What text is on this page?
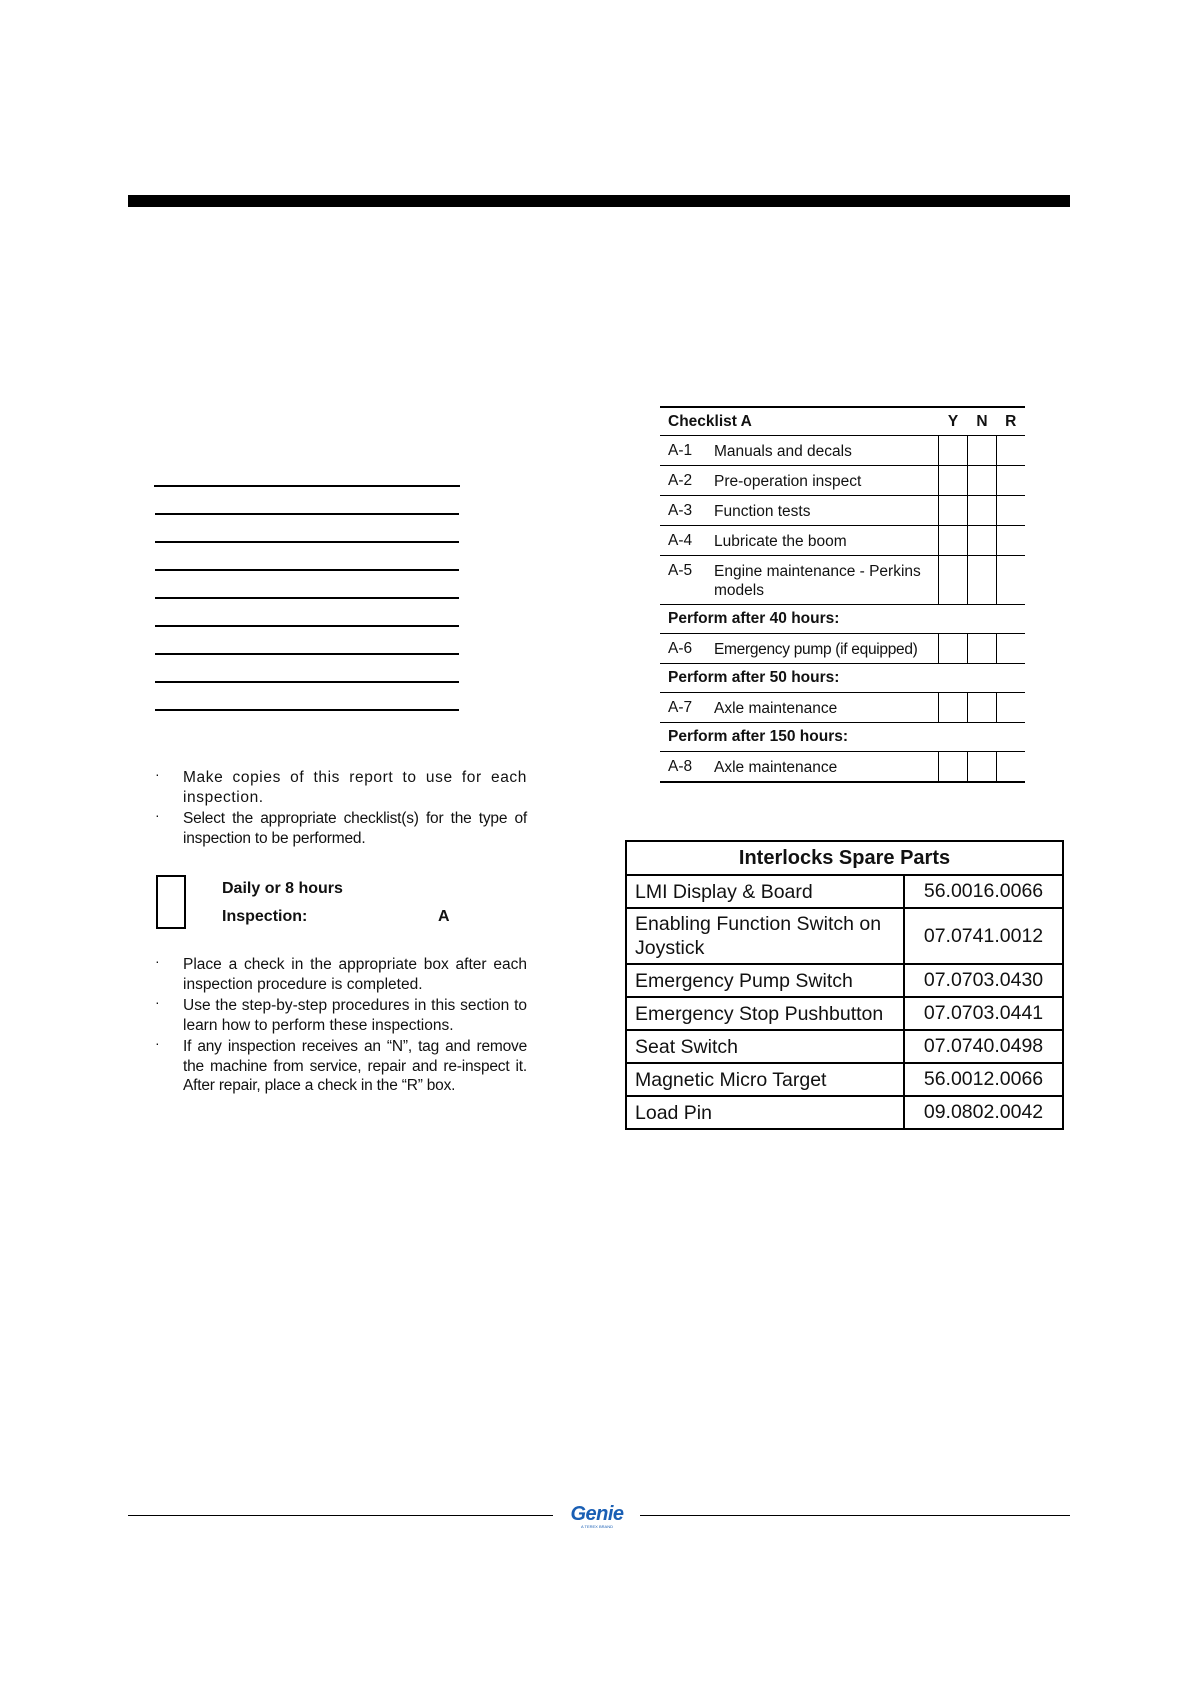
· Make copies of this report to use for each inspection.
· Select the appropriate checklist(s) for the type of inspection to be performed.
Daily or 8 hours
Inspection:	A
· Place a check in the appropriate box after each inspection procedure is completed.
· Use the step-by-step procedures in this section to learn how to perform these inspections.
· If any inspection receives an “N”, tag and remove the machine from service, repair and re-inspect it. After repair, place a check in the “R” box.
Checklist A		Y	N	R
A-1	Manuals and decals			
A-2	Pre-operation inspect			
A-3	Function tests			
A-4	Lubricate the boom			
A-5	Engine maintenance - Perkins models			
Perform after 40 hours:				
A-6	Emergency pump (if equipped)			
Perform after 50 hours:				
A-7	Axle maintenance			
Perform after 150 hours:				
A-8	Axle maintenance			
Interlocks Spare Parts	
LMI Display & Board	56.0016.0066
Enabling Function Switch on Joystick	07.0741.0012
Emergency Pump Switch	07.0703.0430
Emergency Stop Pushbutton	07.0703.0441
Seat Switch	07.0740.0498
Magnetic Micro Target	56.0012.0066
Load Pin	09.0802.0042
Genie
A TEREX BRAND
